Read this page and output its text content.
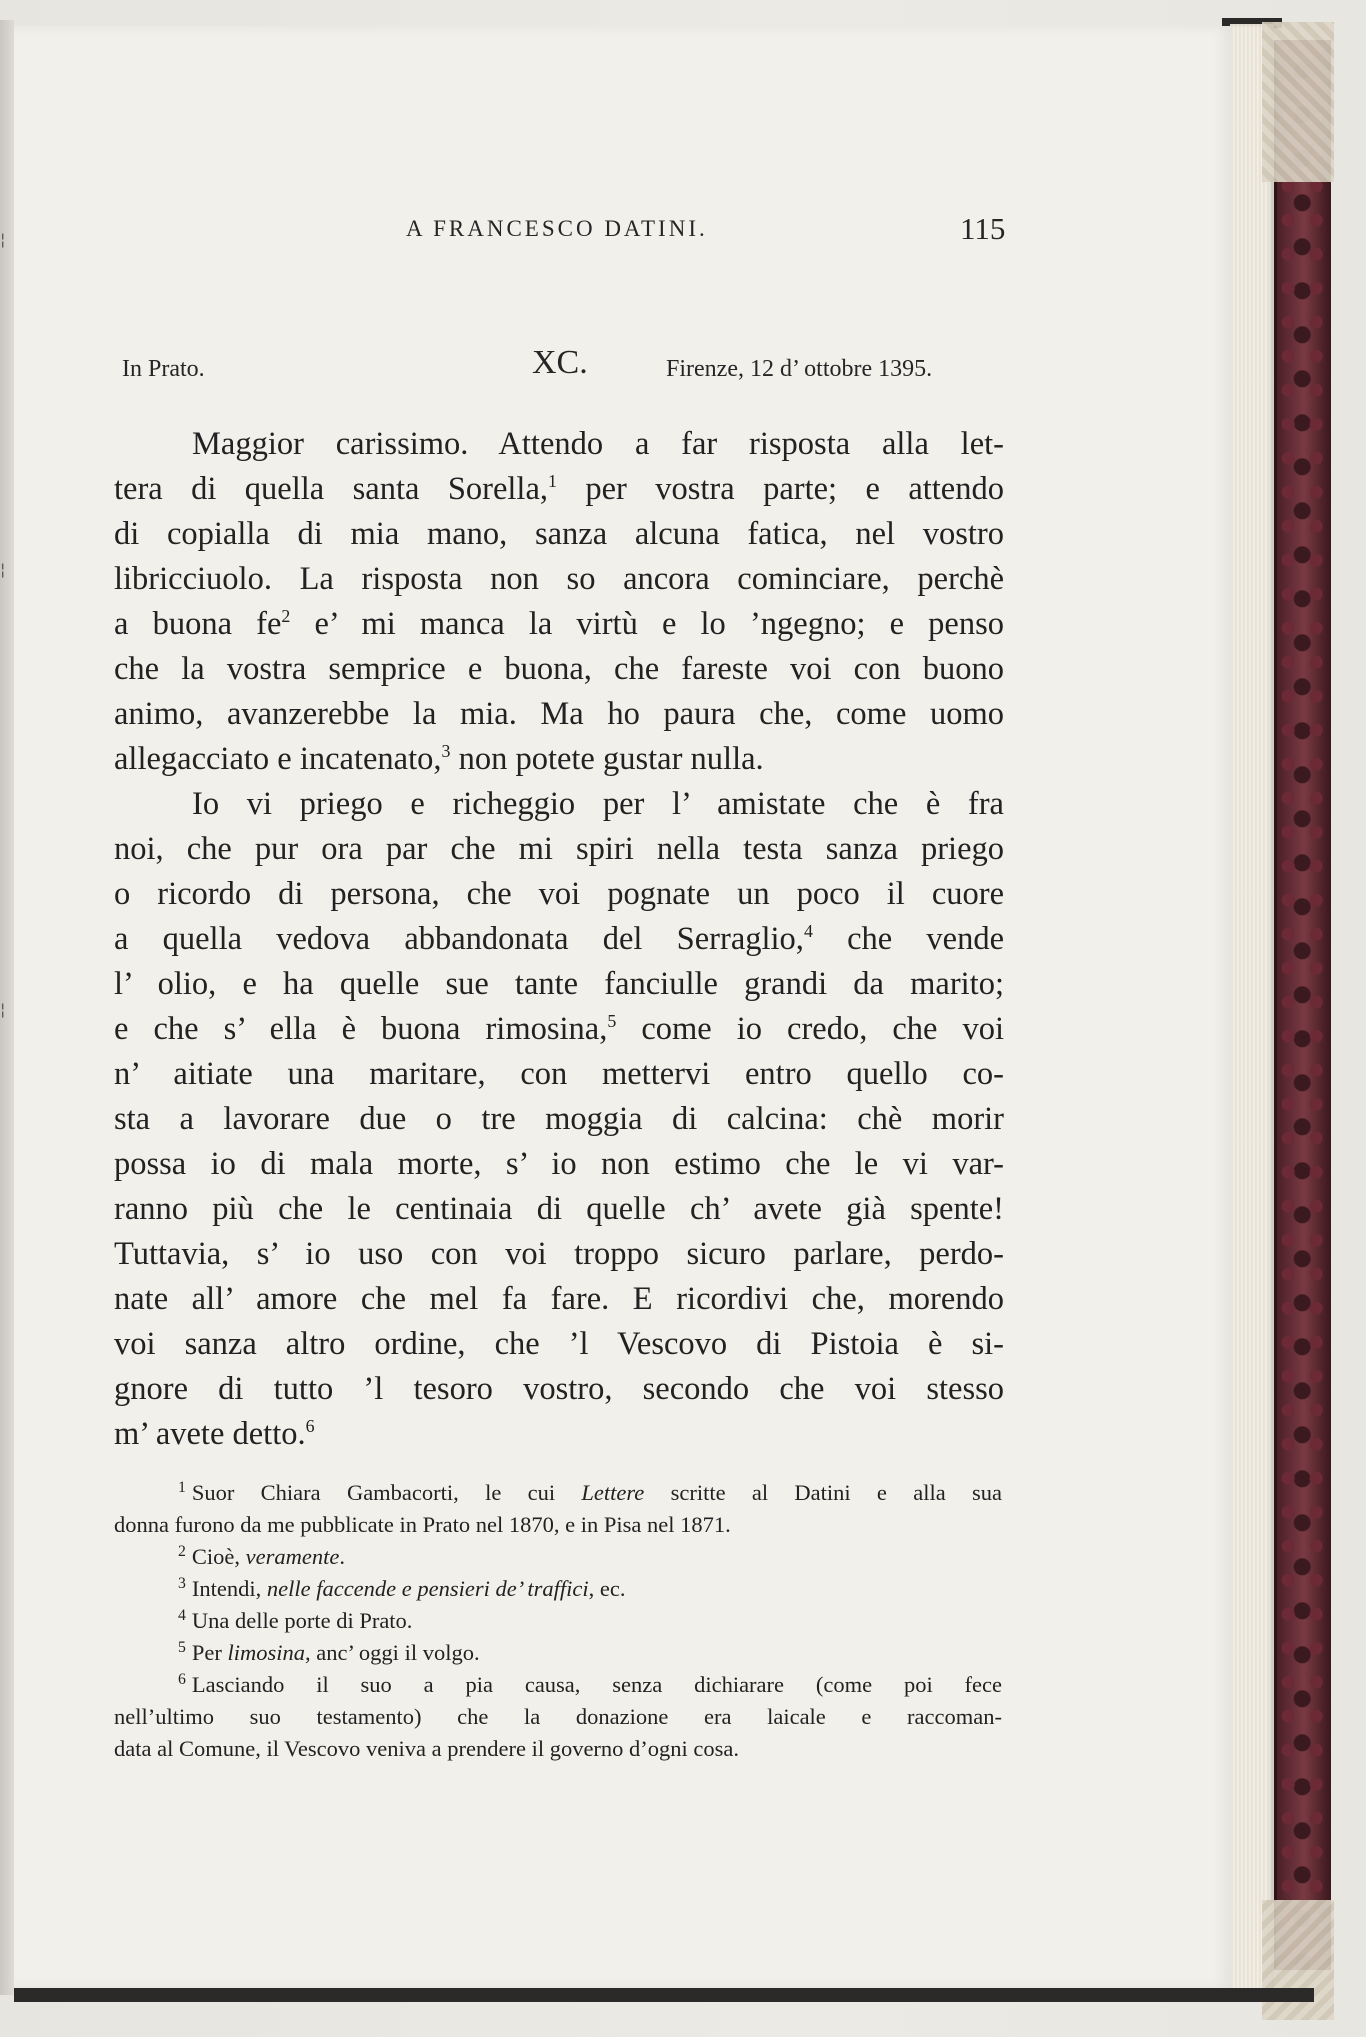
A FRANCESCO DATINI.	115
In Prato.	XC.	Firenze, 12 d’ ottobre 1395.
Maggior carissimo. Attendo a far risposta alla let-
tera di quella santa Sorella,$^1$ per vostra parte; e attendo
di copialla di mia mano, sanza alcuna fatica, nel vostro
libricciuolo. La risposta non so ancora cominciare, perchè
a buona $fe^2$ e’ mi manca la virtù e lo ’ngegno; e penso
che la vostra semprice e buona, che fareste voi con buono
animo, avanzerebbe la mia. Ma ho paura che, come uomo
allegacciato e incatenato,$^3$ non potete gustar nulla.
Io vi priego e richeggio per l’ amistate che è fra
noi, che pur ora par che mi spiri nella testa sanza priego
o ricordo di persona, che voi pognate un poco il cuore
a quella vedova abbandonata del Serraglio,$^4$ che vende
l’ olio, e ha quelle sue tante fanciulle grandi da marito;
e che s’ ella è buona rimosina,$^5$ come io credo, che voi
n’ aitiate una maritare, con mettervi entro quello co-
sta a lavorare due o tre moggia di calcina: chè morir
possa io di mala morte, s’ io non estimo che le vi var-
ranno più che le centinaia di quelle ch’ avete già spente!
Tuttavia, s’ io uso con voi troppo sicuro parlare, perdo-
nate all’ amore che mel fa fare. E ricordivi che, morendo
voi sanza altro ordine, che ’l Vescovo di Pistoia è si-
gnore di tutto ’l tesoro vostro, secondo che voi stesso
m’ avete detto.$^6$
$^1$ Suor Chiara Gambacorti, le cui Lettere scritte al Datini e alla sua
donna furono da me pubblicate in Prato nel 1870, e in Pisa nel 1871.
$^2$ Cioè, veramente.
$^3$ Intendi, nelle faccende e pensieri de’ traffici, ec.
$^4$ Una delle porte di Prato.
$^5$ Per limosina, anc’ oggi il volgo.
$^6$ Lasciando il suo a pia causa, senza dichiarare (come poi fece
nell’ultimo suo testamento) che la donazione era laicale e raccoman-
data al Comune, il Vescovo veniva a prendere il governo d’ogni cosa.
¦
¦
¦
